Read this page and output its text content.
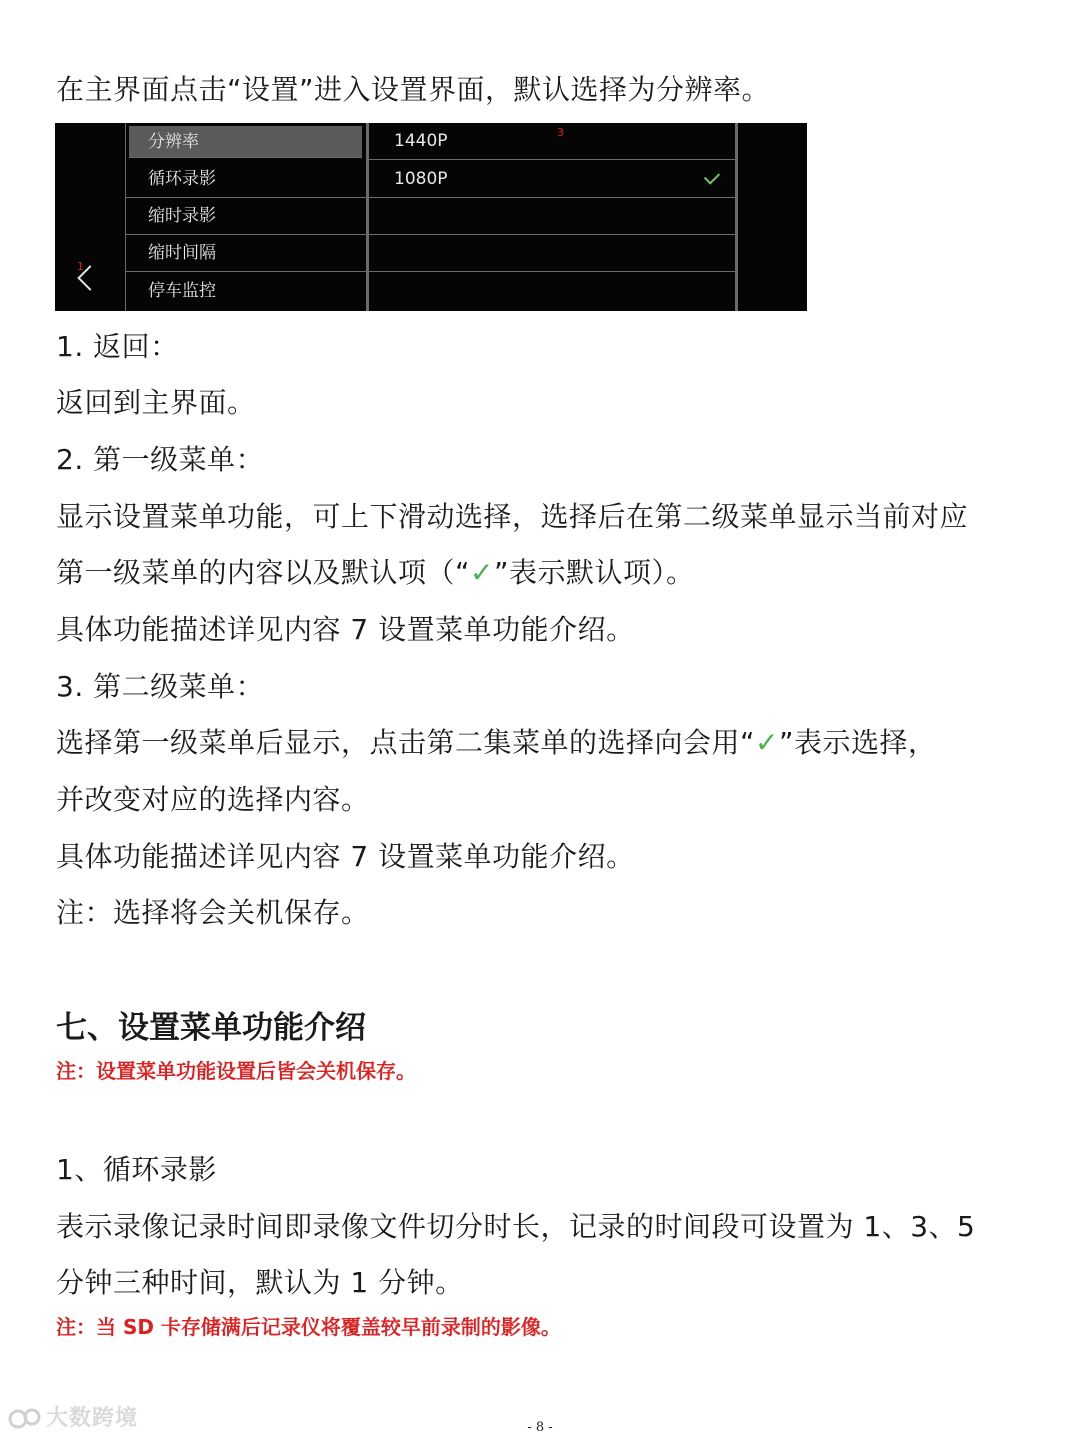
在主界面点击“设置”进入设置界面，默认选择为分辨率。

1
分辨率
循环录影
缩时录影
缩时间隔
停车监控
3
1440P
1080P

1. 返回：

返回到主界面。

2. 第一级菜单：

显示设置菜单功能，可上下滑动选择，选择后在第二级菜单显示当前对应

第一级菜单的内容以及默认项（“✓”表示默认项）。

具体功能描述详见内容 7 设置菜单功能介绍。

3. 第二级菜单：

选择第一级菜单后显示，点击第二集菜单的选择向会用“✓”表示选择，

并改变对应的选择内容。

具体功能描述详见内容 7 设置菜单功能介绍。

注：选择将会关机保存。

七、设置菜单功能介绍

注：设置菜单功能设置后皆会关机保存。

1、循环录影

表示录像记录时间即录像文件切分时长，记录的时间段可设置为 1、3、5

分钟三种时间，默认为 1 分钟。

注：当 SD 卡存储满后记录仪将覆盖较早前录制的影像。

大数跨境	- 8 -
